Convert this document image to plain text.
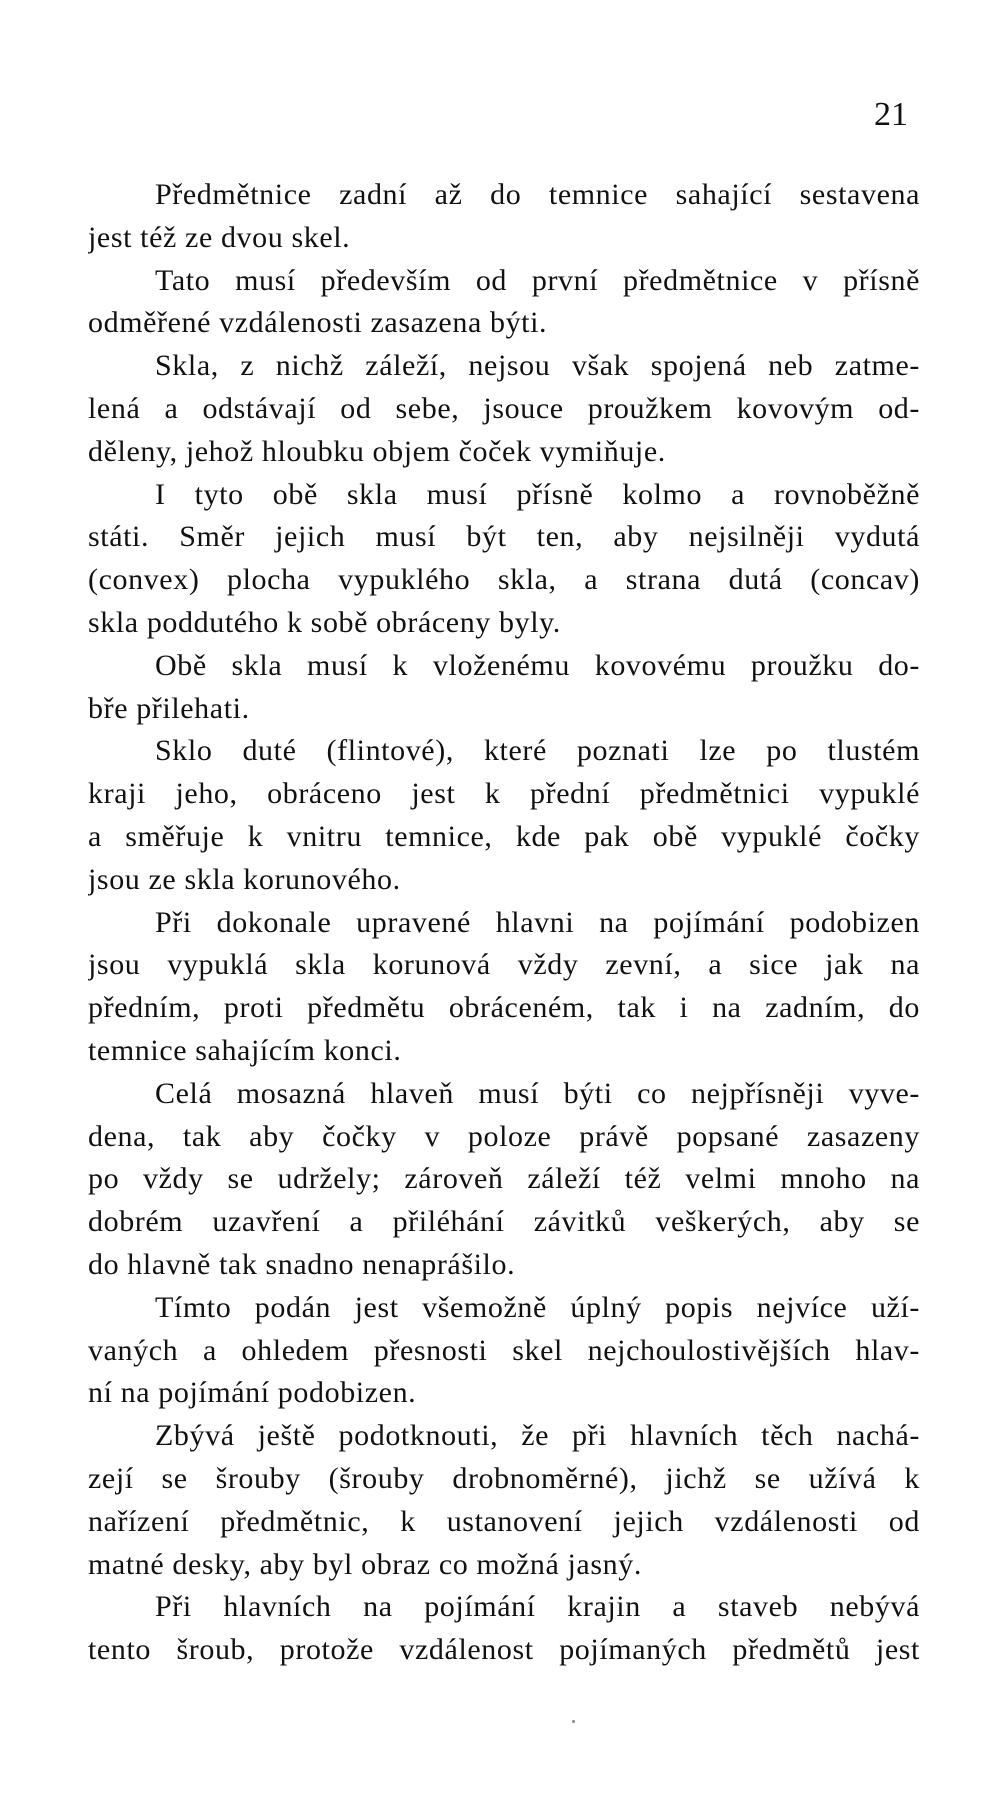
21
Předmětnice zadní až do temnice sahající sestavena
jest též ze dvou skel.
Tato musí především od první předmětnice v přísně
odměřené vzdálenosti zasazena býti.
Skla, z nichž záleží, nejsou však spojená neb zatme-
lená a odstávají od sebe, jsouce proužkem kovovým od-
děleny, jehož hloubku objem čoček vymiňuje.
I tyto obě skla musí přísně kolmo a rovnoběžně
státi. Směr jejich musí být ten, aby nejsilněji vydutá
(convex) plocha vypuklého skla, a strana dutá (concav)
skla poddutého k sobě obráceny byly.
Obě skla musí k vloženému kovovému proužku do-
bře přilehati.
Sklo duté (flintové), které poznati lze po tlustém
kraji jeho, obráceno jest k přední předmětnici vypuklé
a směřuje k vnitru temnice, kde pak obě vypuklé čočky
jsou ze skla korunového.
Při dokonale upravené hlavni na pojímání podobizen
jsou vypuklá skla korunová vždy zevní, a sice jak na
předním, proti předmětu obráceném, tak i na zadním, do
temnice sahajícím konci.
Celá mosazná hlaveň musí býti co nejpřísněji vyve-
dena, tak aby čočky v poloze právě popsané zasazeny
po vždy se udržely; zároveň záleží též velmi mnoho na
dobrém uzavření a přiléhání závitků veškerých, aby se
do hlavně tak snadno nenaprášilo.
Tímto podán jest všemožně úplný popis nejvíce uží-
vaných a ohledem přesnosti skel nejchoulostivějších hlav-
ní na pojímání podobizen.
Zbývá ještě podotknouti, že při hlavních těch nachá-
zejí se šrouby (šrouby drobnoměrné), jichž se užívá k
nařízení předmětnic, k ustanovení jejich vzdálenosti od
matné desky, aby byl obraz co možná jasný.
Při hlavních na pojímání krajin a staveb nebývá
tento šroub, protože vzdálenost pojímaných předmětů jest
